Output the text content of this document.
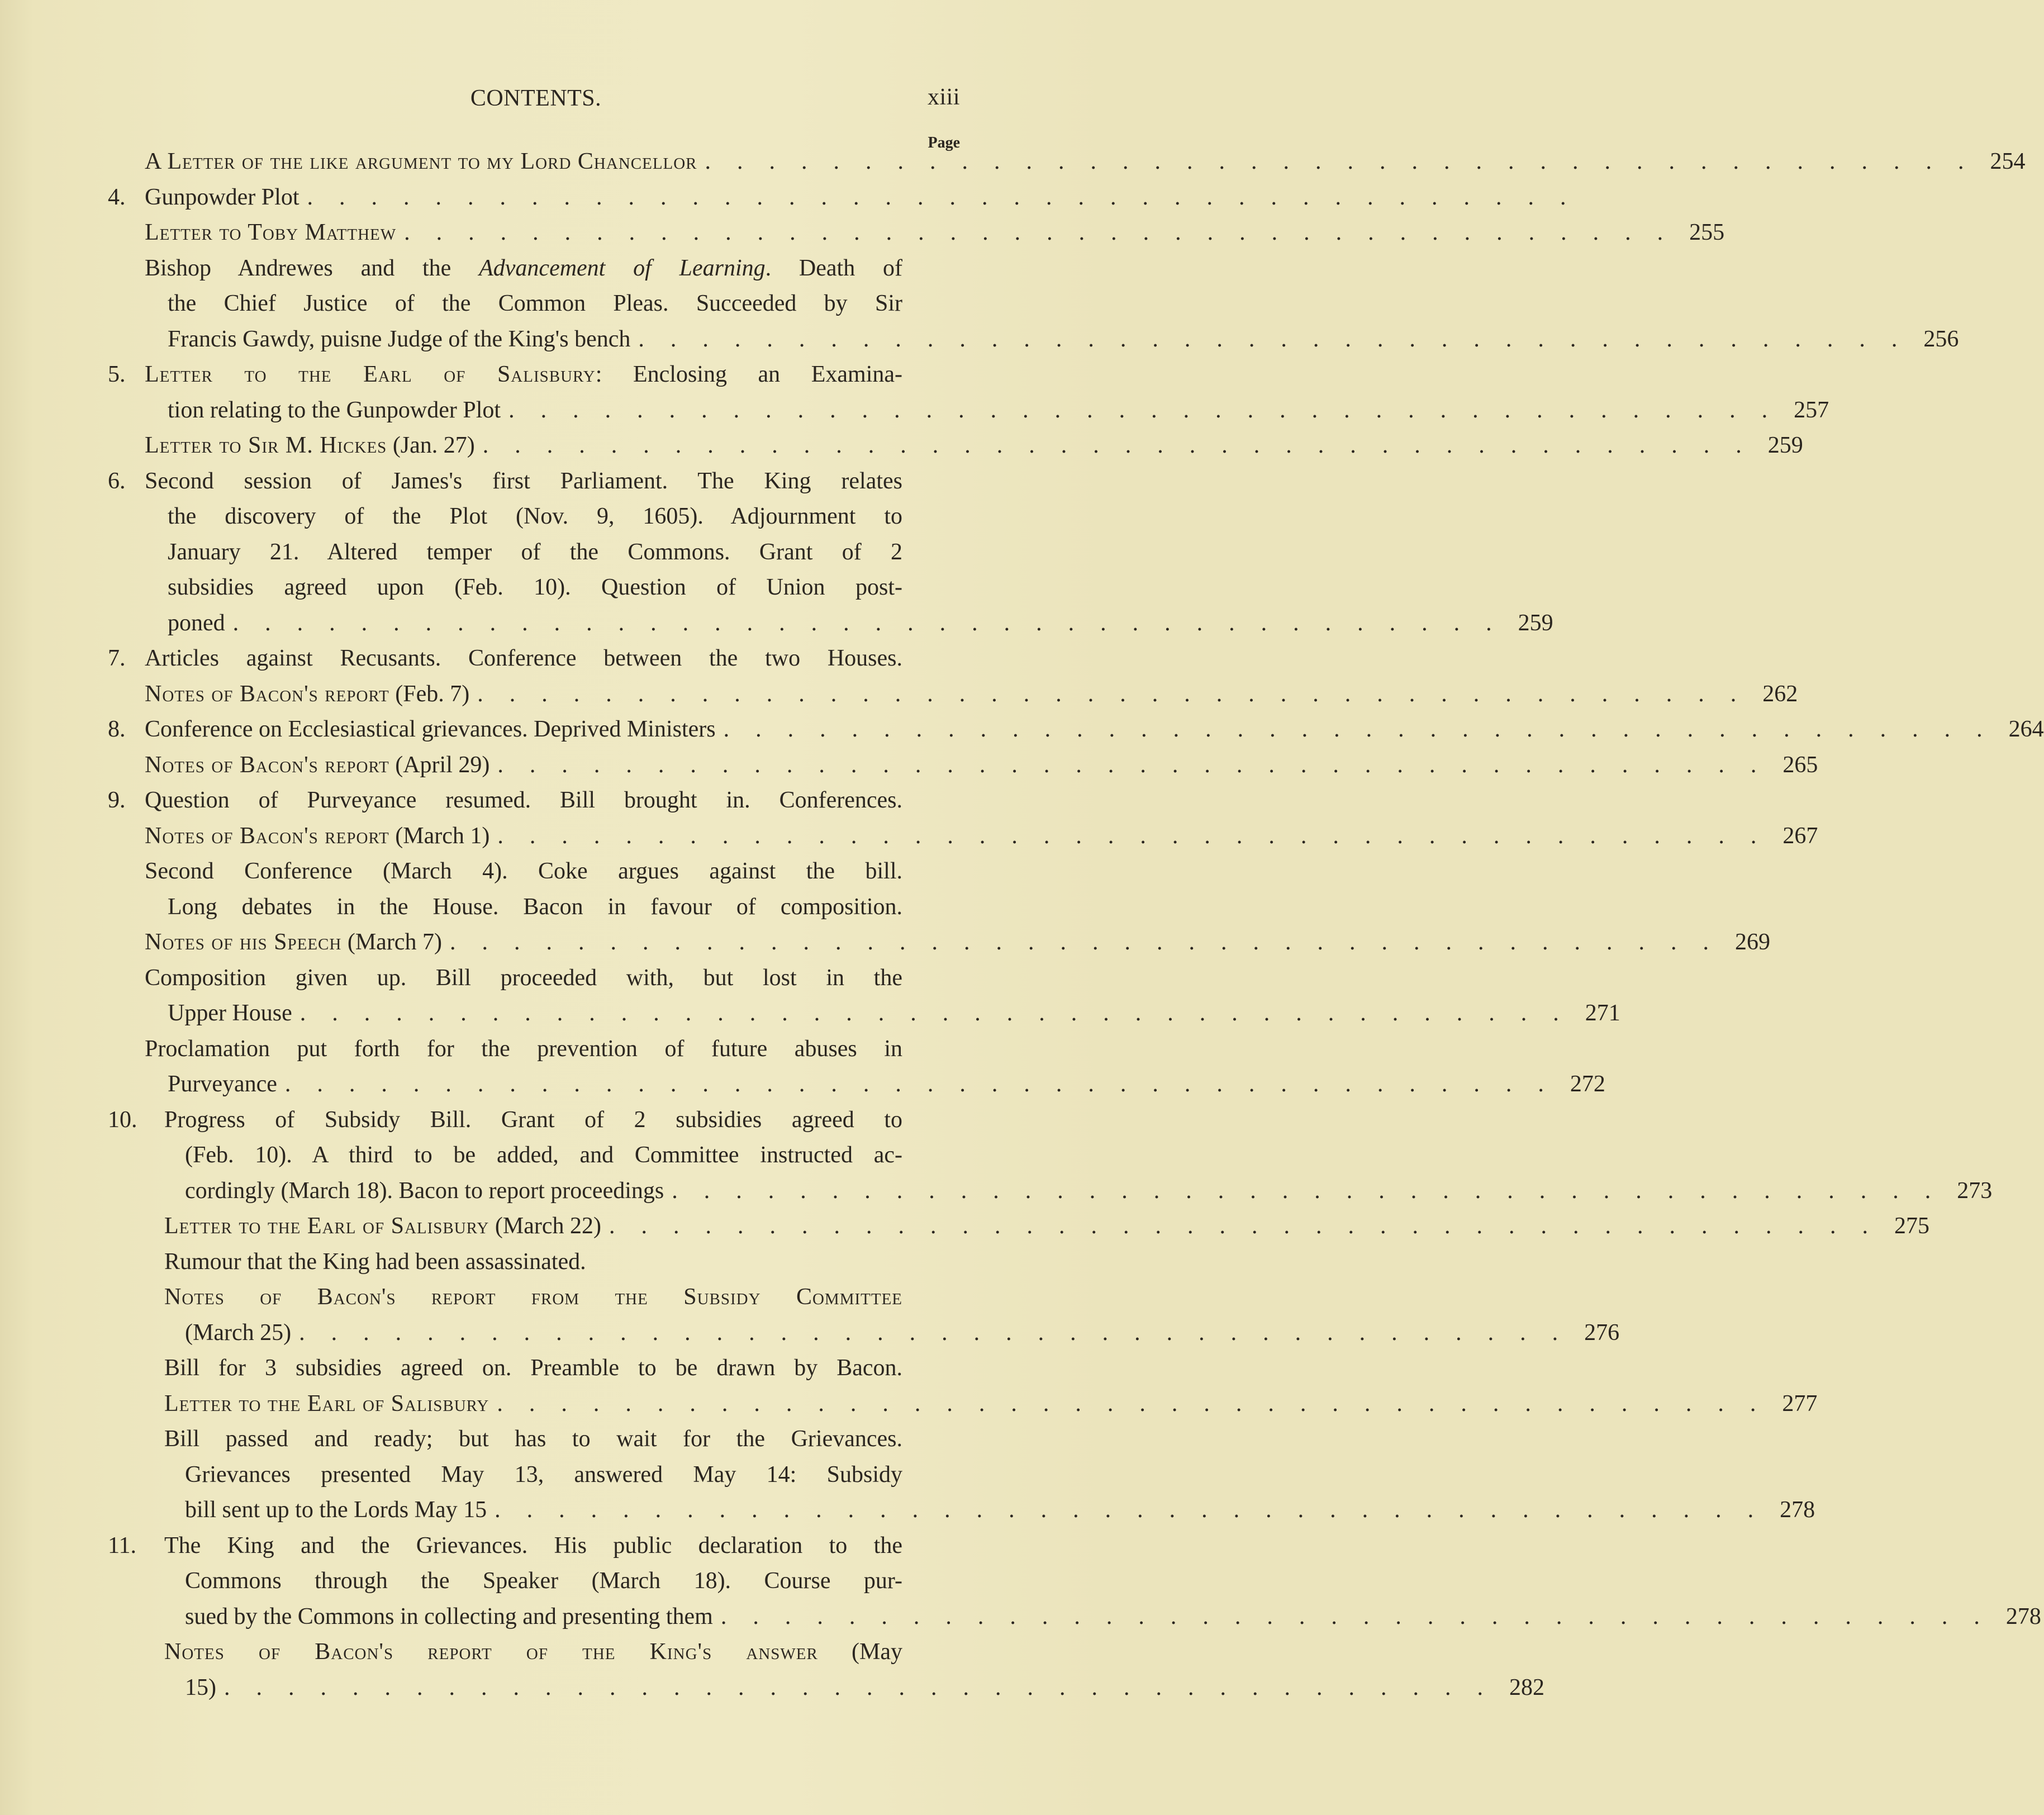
CONTENTS.	xiii
Page
A Letter of the like argument to my Lord Chancellor ........................................ 254
4. Gunpowder Plot ........................................
Letter to Toby Matthew ........................................ 255
Bishop Andrewes and the Advancement of Learning. Death of
the Chief Justice of the Common Pleas. Succeeded by Sir
Francis Gawdy, puisne Judge of the King's bench ........................................ 256
5. Letter to the Earl of Salisbury: Enclosing an Examina-
tion relating to the Gunpowder Plot ........................................ 257
Letter to Sir M. Hickes (Jan. 27) ........................................ 259
6. Second session of James's first Parliament. The King relates
the discovery of the Plot (Nov. 9, 1605). Adjournment to
January 21. Altered temper of the Commons. Grant of 2
subsidies agreed upon (Feb. 10). Question of Union post-
poned ........................................ 259
7. Articles against Recusants. Conference between the two Houses.
Notes of Bacon's report (Feb. 7) ........................................ 262
8. Conference on Ecclesiastical grievances. Deprived Ministers ........................................ 264
Notes of Bacon's report (April 29) ........................................ 265
9. Question of Purveyance resumed. Bill brought in. Conferences.
Notes of Bacon's report (March 1) ........................................ 267
Second Conference (March 4). Coke argues against the bill.
Long debates in the House. Bacon in favour of composition.
Notes of his Speech (March 7) ........................................ 269
Composition given up. Bill proceeded with, but lost in the
Upper House ........................................ 271
Proclamation put forth for the prevention of future abuses in
Purveyance ........................................ 272
10. Progress of Subsidy Bill. Grant of 2 subsidies agreed to
(Feb. 10). A third to be added, and Committee instructed ac-
cordingly (March 18). Bacon to report proceedings ........................................ 273
Letter to the Earl of Salisbury (March 22) ........................................ 275
Rumour that the King had been assassinated.
Notes of Bacon's report from the Subsidy Committee
(March 25) ........................................ 276
Bill for 3 subsidies agreed on. Preamble to be drawn by Bacon.
Letter to the Earl of Salisbury ........................................ 277
Bill passed and ready; but has to wait for the Grievances.
Grievances presented May 13, answered May 14: Subsidy
bill sent up to the Lords May 15 ........................................ 278
11. The King and the Grievances. His public declaration to the
Commons through the Speaker (March 18). Course pur-
sued by the Commons in collecting and presenting them ........................................ 278
Notes of Bacon's report of the King's answer (May
15) ........................................ 282
